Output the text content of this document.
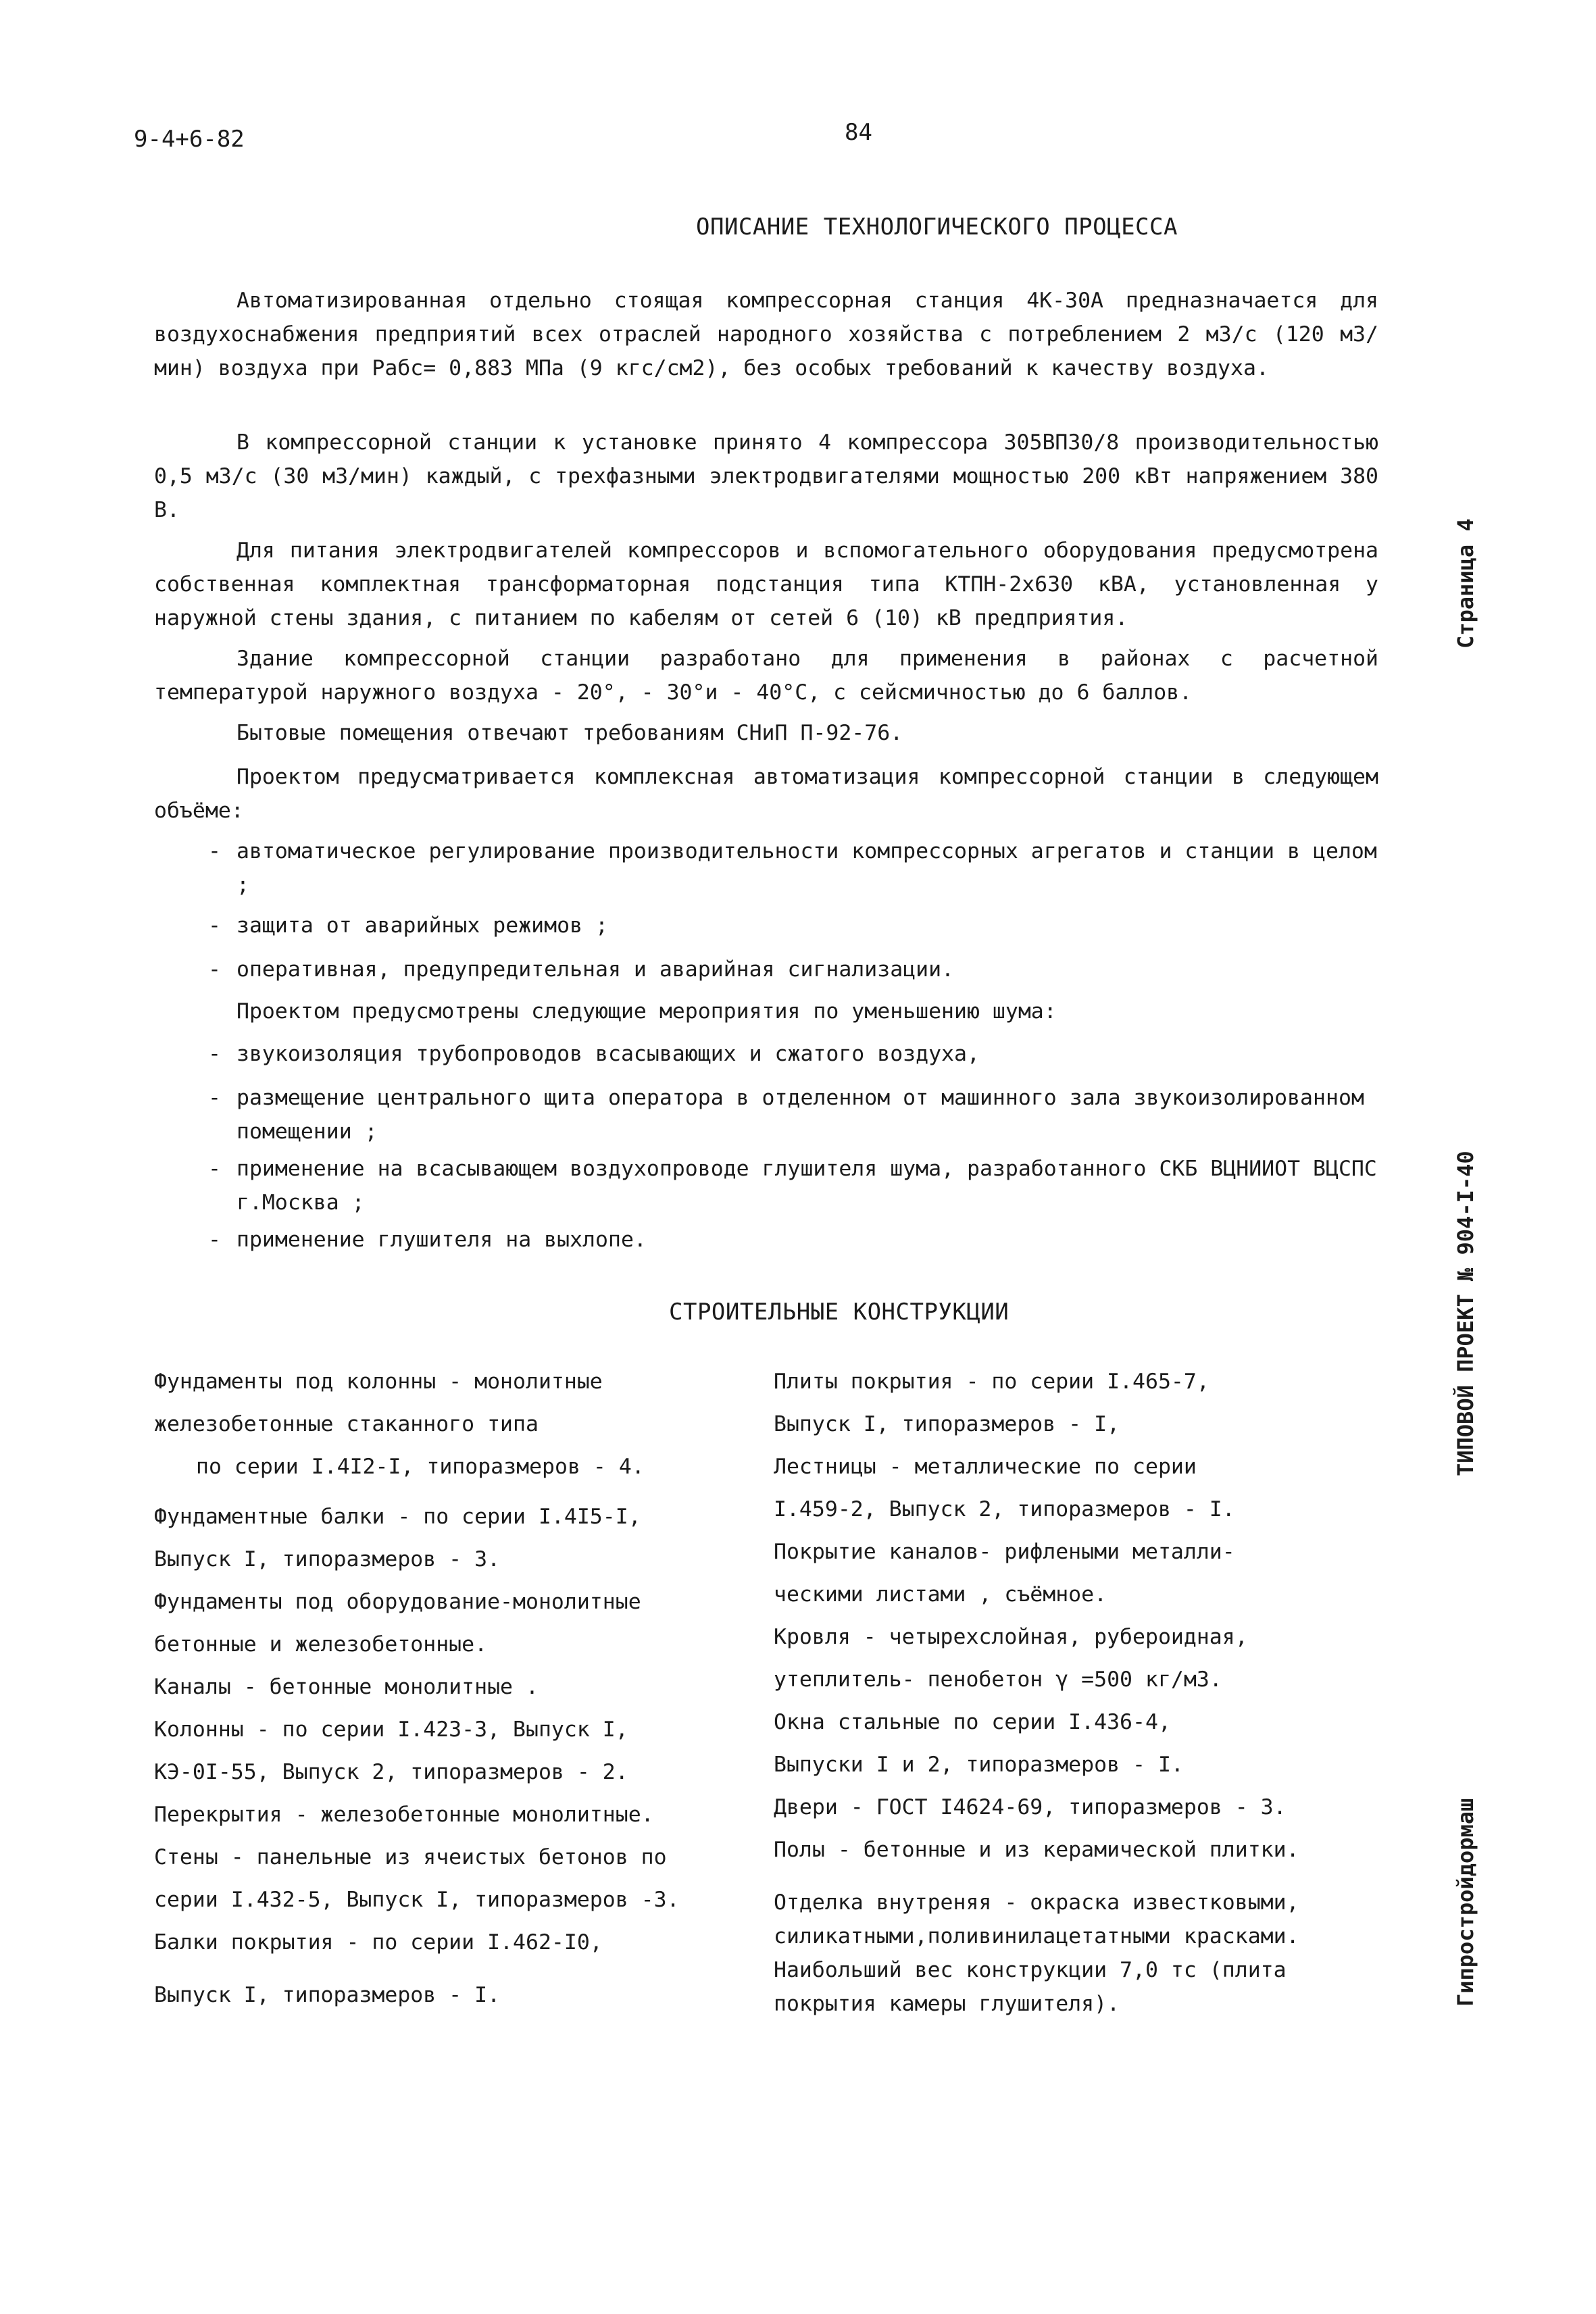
9-4+6-82	84
ОПИСАНИЕ ТЕХНОЛОГИЧЕСКОГО ПРОЦЕССА
Автоматизированная отдельно стоящая компрессорная станция 4К-30А предназначается для воздухоснабжения предприятий всех отраслей народного хозяйства с потреблением 2 м3/с (120 м3/мин) воздуха при Рабс= 0,883 МПа (9 кгс/см2), без особых требований к качеству воздуха.
В компрессорной станции к установке принято 4 компрессора 305ВП30/8 производительностью 0,5 м3/с (30 м3/мин) каждый, с трехфазными электродвигателями мощностью 200 кВт напряжением 380 В.
Для питания электродвигателей компрессоров и вспомогательного оборудования предусмотрена собственная комплектная трансформаторная подстанция типа КТПН-2х630 кВА, установленная у наружной стены здания, с питанием по кабелям от сетей 6 (10) кВ предприятия.
Здание компрессорной станции разработано для применения в районах с расчетной температурой наружного воздуха - 20°, - 30°и - 40°С, с сейсмичностью до 6 баллов.
Бытовые помещения отвечают требованиям СНиП П-92-76.
Проектом предусматривается комплексная автоматизация компрессорной станции в следующем объёме:
- автоматическое регулирование производительности компрессорных агрегатов и станции в целом ;
- защита от аварийных режимов ;
- оперативная, предупредительная и аварийная сигнализации.
Проектом предусмотрены следующие мероприятия по уменьшению шума:
- звукоизоляция трубопроводов всасывающих и сжатого воздуха,
- размещение центрального щита оператора в отделенном от машинного зала звукоизолированном помещении ;
- применение на всасывающем воздухопроводе глушителя шума, разработанного СКБ ВЦНИИОТ ВЦСПС г.Москва ;
- применение глушителя на выхлопе.
СТРОИТЕЛЬНЫЕ КОНСТРУКЦИИ
Фундаменты под колонны - монолитные
железобетонные стаканного типа
по серии I.4I2-I, типоразмеров - 4.
Фундаментные балки - по серии I.4I5-I,
Выпуск I, типоразмеров - 3.
Фундаменты под оборудование-монолитные
бетонные и железобетонные.
Каналы - бетонные монолитные .
Колонны - по серии I.423-3, Выпуск I,
КЭ-0I-55, Выпуск 2, типоразмеров - 2.
Перекрытия - железобетонные монолитные.
Стены - панельные из ячеистых бетонов по
серии I.432-5, Выпуск I, типоразмеров -3.
Балки покрытия - по серии I.462-I0,
Выпуск I, типоразмеров - I.
Плиты покрытия - по серии I.465-7,
Выпуск I, типоразмеров - I,
Лестницы - металлические по серии
I.459-2, Выпуск 2, типоразмеров - I.
Покрытие каналов- рифлеными металли-
ческими листами , съёмное.
Кровля - четырехслойная, рубероидная,
утеплитель- пенобетон γ =500 кг/м3.
Окна стальные по серии I.436-4,
Выпуски I и 2, типоразмеров - I.
Двери - ГОСТ I4624-69, типоразмеров - 3.
Полы - бетонные и из керамической плитки.
Отделка внутреняя - окраска известковыми,
силикатными,поливинилацетатными красками.
Наибольший вес конструкции 7,0 тс (плита
покрытия камеры глушителя).
Страница 4
ТИПОВОЙ ПРОЕКТ № 904-I-40
Гипростройдормаш
